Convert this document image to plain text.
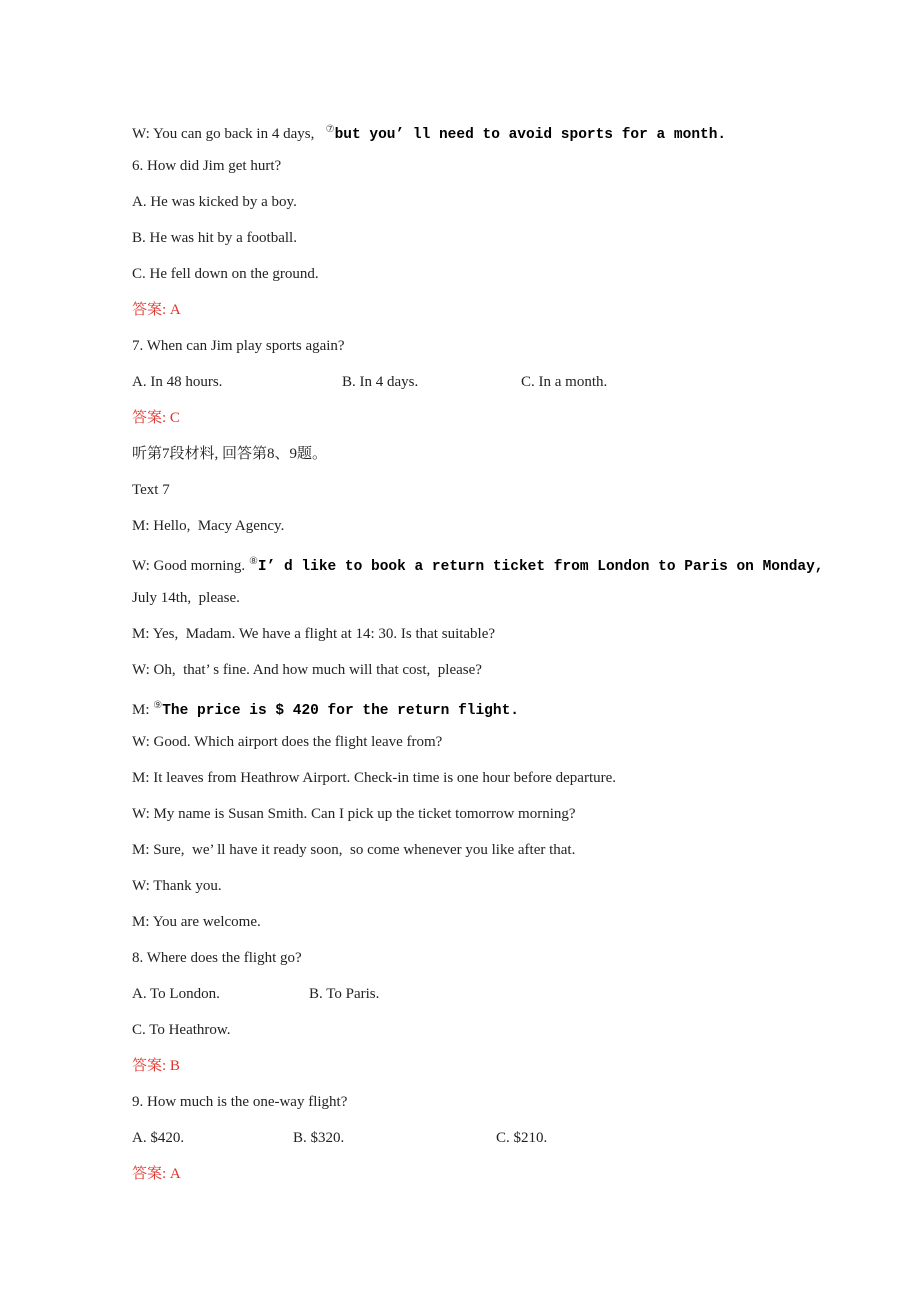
W: You can go back in 4 days,   ⑦but you’ ll need to avoid sports for a month.
6. How did Jim get hurt?
A. He was kicked by a boy.
B. He was hit by a football.
C. He fell down on the ground.
答案: A
7. When can Jim play sports again?

A. In 48 hours.

	B. In 4 days.

	C. In a month.

答案: C
听第7段材料, 回答第8、9题。
Text 7
M: Hello,  Macy Agency.
W: Good morning. ⑧I’ d like to book a return ticket from London to Paris on Monday,
July 14th,  please.
M: Yes,  Madam. We have a flight at 14: 30. Is that suitable?
W: Oh,  that’ s fine. And how much will that cost,  please?
M: ⑨The price is $ 420 for the return flight.
W: Good. Which airport does the flight leave from?
M: It leaves from Heathrow Airport. Check-in time is one hour before departure.
W: My name is Susan Smith. Can I pick up the ticket tomorrow morning?
M: Sure,  we’ ll have it ready soon,  so come whenever you like after that.
W: Thank you.
M: You are welcome.
8. Where does the flight go?

A. To London.

	B. To Paris.

C. To Heathrow.
答案: B
9. How much is the one-way flight?

A. $420.

	B. $320.

	C. $210.

答案: A
